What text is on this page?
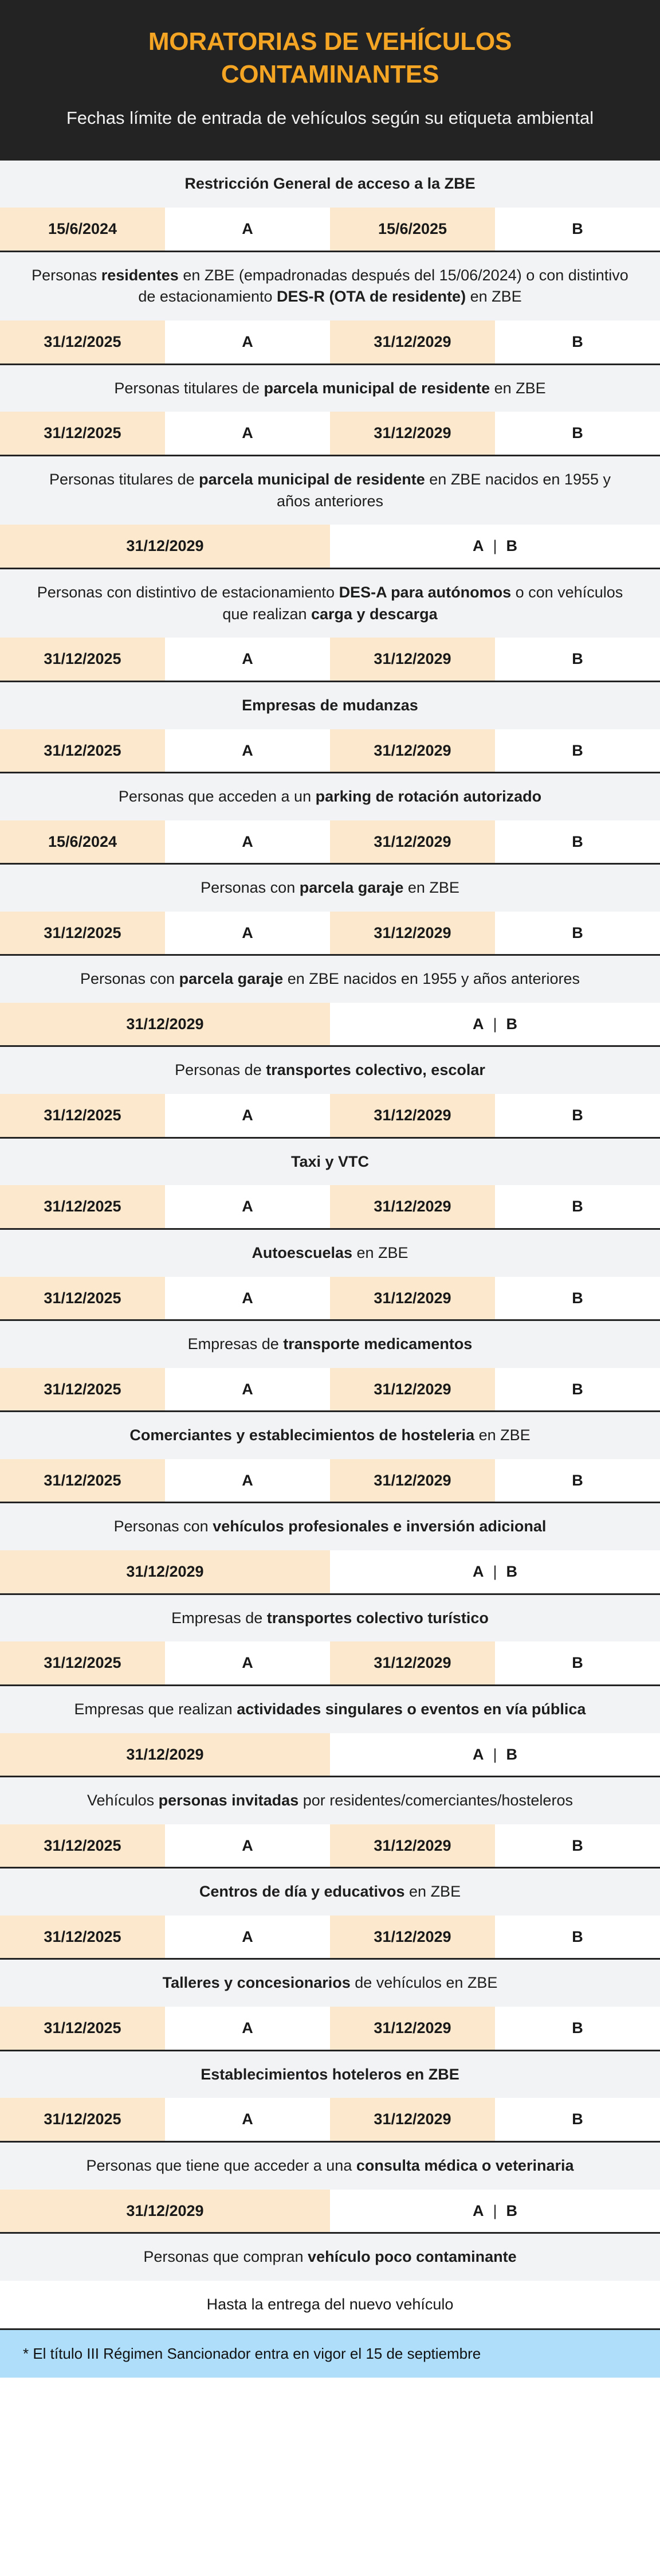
MORATORIAS DE VEHÍCULOS CONTAMINANTES

Fechas límite de entrada de vehículos según su etiqueta ambiental

Restricción General de acceso a la ZBE
15/6/2024	A	15/6/2025	B
Personas residentes en ZBE (empadronadas después del 15/06/2024) o con distintivo de estacionamiento DES-R (OTA de residente) en ZBE
31/12/2025	A	31/12/2029	B
Personas titulares de parcela municipal de residente en ZBE
31/12/2025	A	31/12/2029	B
Personas titulares de parcela municipal de residente en ZBE nacidos en 1955 y años anteriores
31/12/2029	A | B
Personas con distintivo de estacionamiento DES-A para autónomos o con vehículos que realizan carga y descarga
31/12/2025	A	31/12/2029	B
Empresas de mudanzas
31/12/2025	A	31/12/2029	B
Personas que acceden a un parking de rotación autorizado
15/6/2024	A	31/12/2029	B
Personas con parcela garaje en ZBE
31/12/2025	A	31/12/2029	B
Personas con parcela garaje en ZBE nacidos en 1955 y años anteriores
31/12/2029	A | B
Personas de transportes colectivo, escolar
31/12/2025	A	31/12/2029	B
Taxi y VTC
31/12/2025	A	31/12/2029	B
Autoescuelas en ZBE
31/12/2025	A	31/12/2029	B
Empresas de transporte medicamentos
31/12/2025	A	31/12/2029	B
Comerciantes y establecimientos de hosteleria en ZBE
31/12/2025	A	31/12/2029	B
Personas con vehículos profesionales e inversión adicional
31/12/2029	A | B
Empresas de transportes colectivo turístico
31/12/2025	A	31/12/2029	B
Empresas que realizan actividades singulares o eventos en vía pública
31/12/2029	A | B
Vehículos personas invitadas por residentes/comerciantes/hosteleros
31/12/2025	A	31/12/2029	B
Centros de día y educativos en ZBE
31/12/2025	A	31/12/2029	B
Talleres y concesionarios de vehículos en ZBE
31/12/2025	A	31/12/2029	B
Establecimientos hoteleros en ZBE
31/12/2025	A	31/12/2029	B
Personas que tiene que acceder a una consulta médica o veterinaria
31/12/2029	A | B
Personas que compran vehículo poco contaminante
Hasta la entrega del nuevo vehículo
* El título III Régimen Sancionador entra en vigor el 15 de septiembre
